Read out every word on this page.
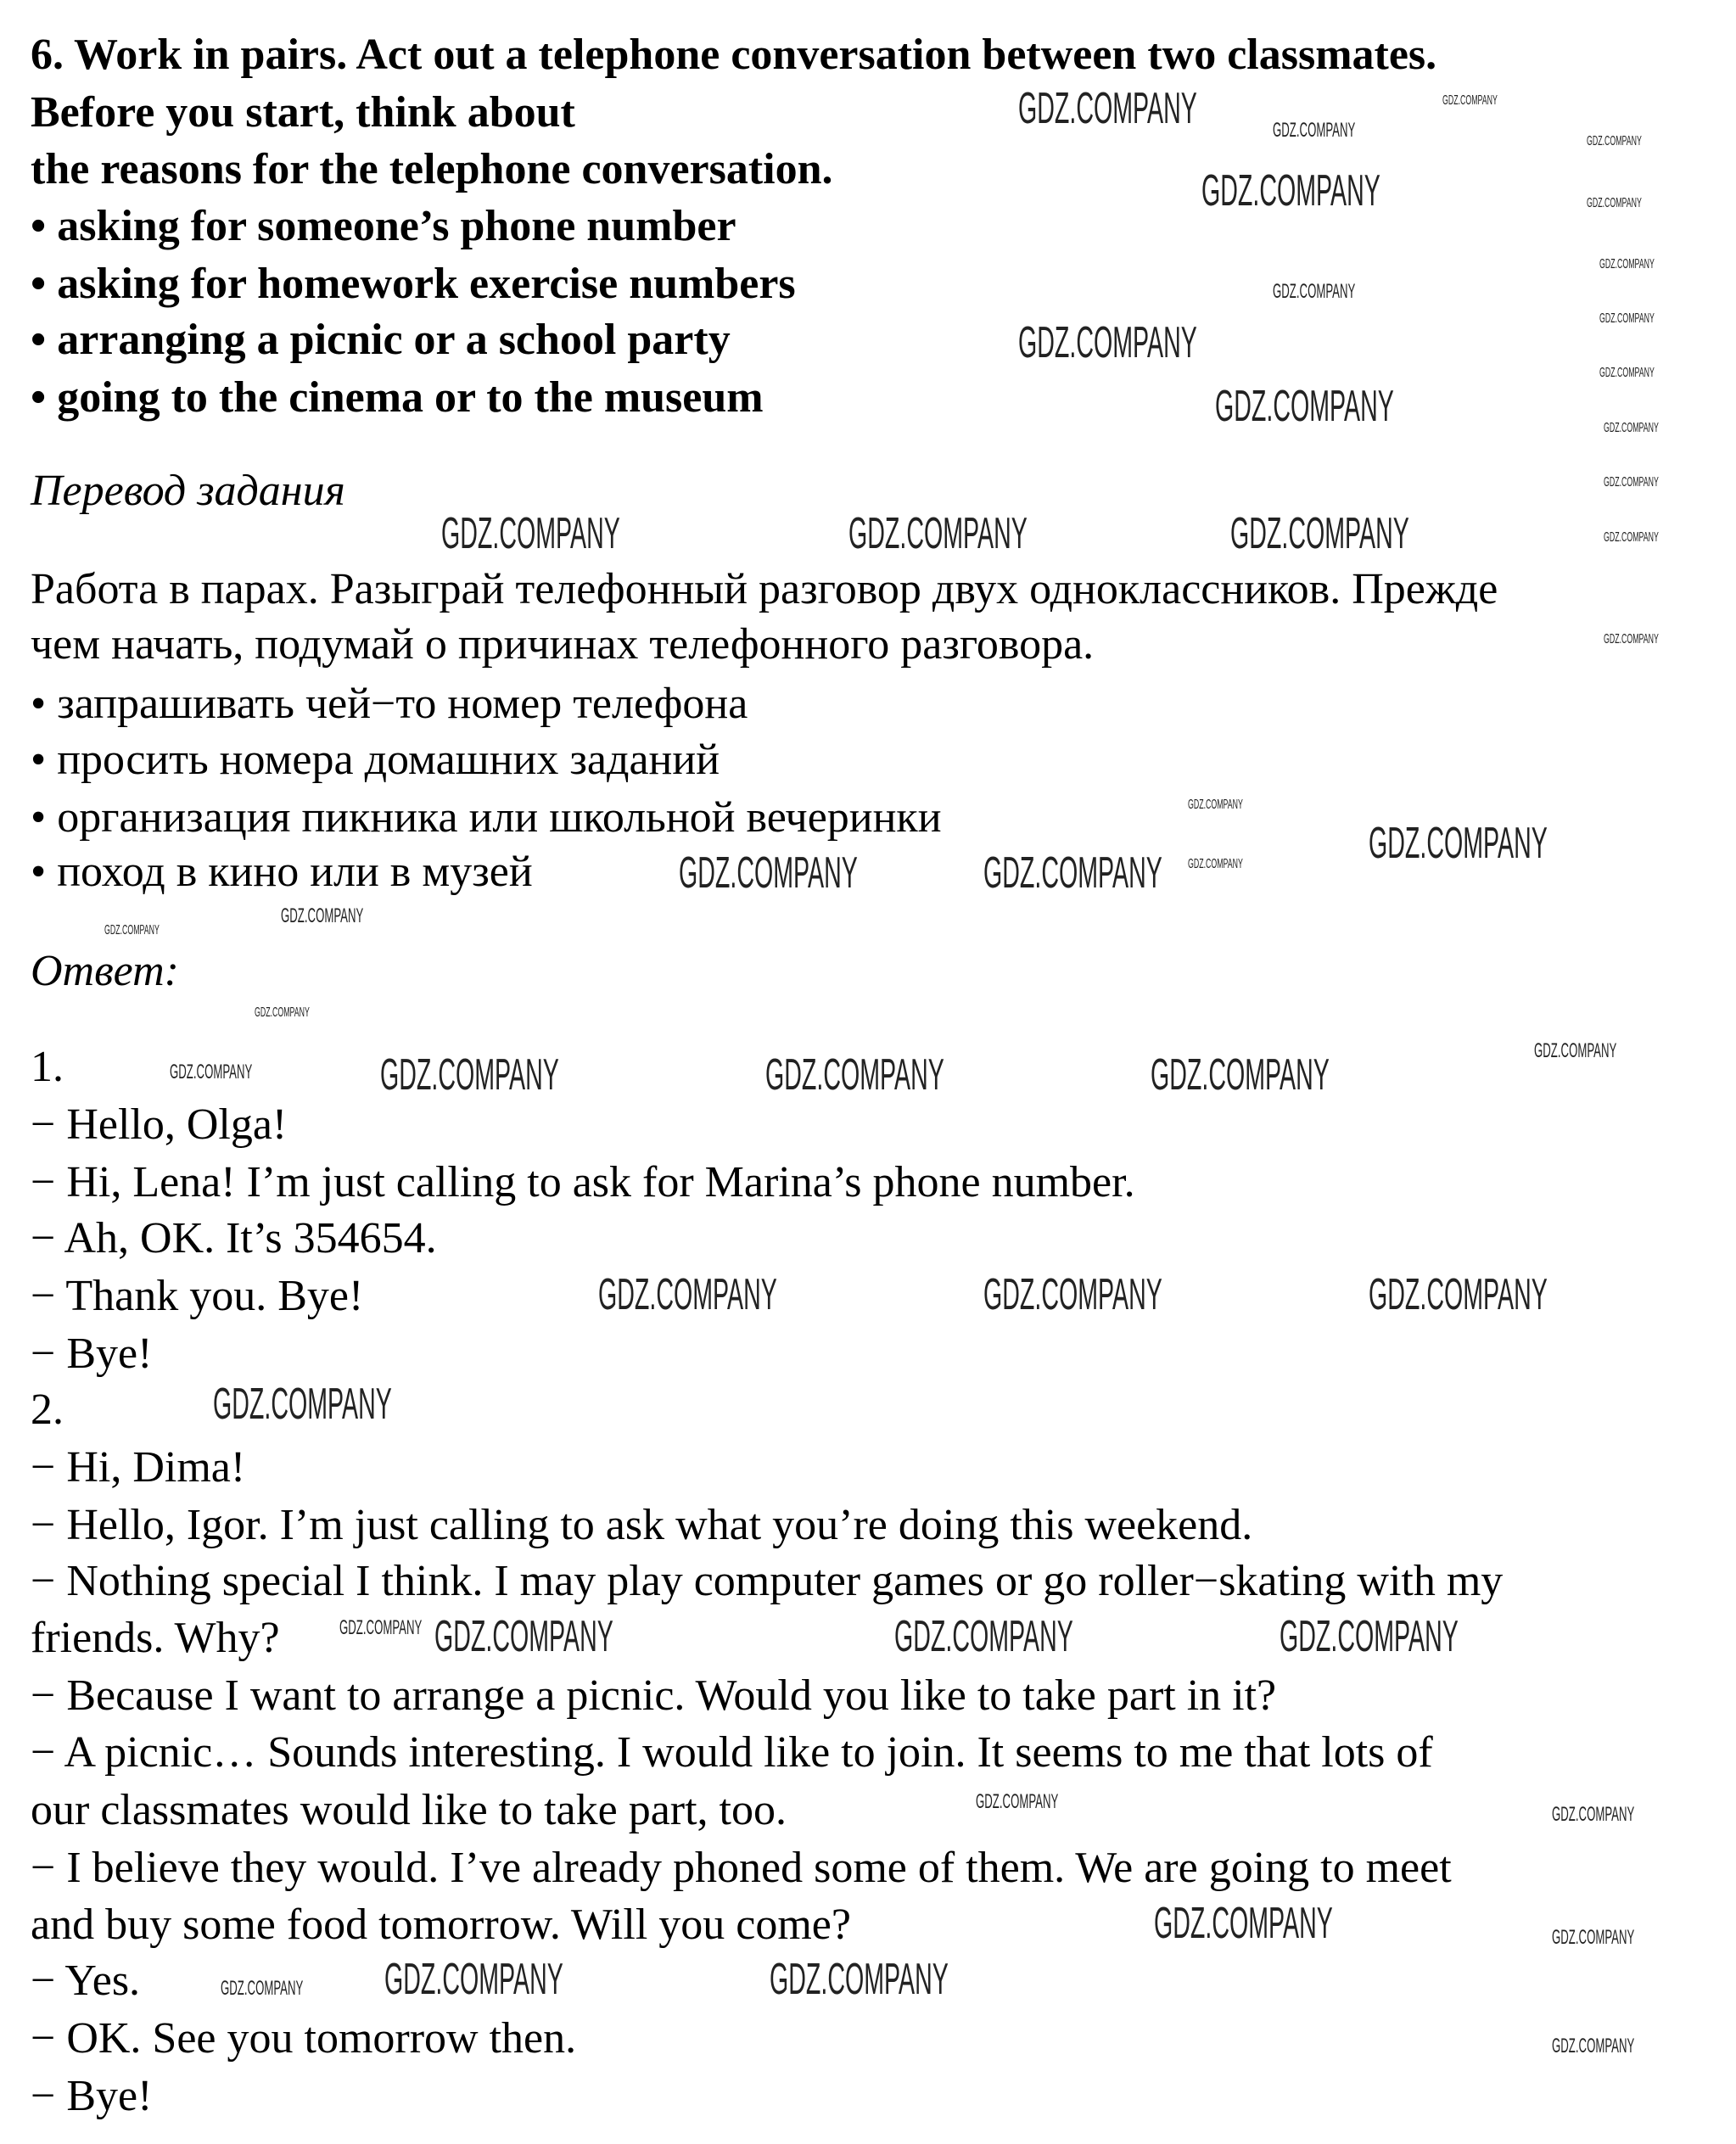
6. Work in pairs. Act out a telephone conversation between two classmates.
Before you start, think about
the reasons for the telephone conversation.
• asking for someone’s phone number
• asking for homework exercise numbers
• arranging a picnic or a school party
• going to the cinema or to the museum
Перевод задания
Работа в парах. Разыграй телефонный разговор двух одноклассников. Прежде
чем начать, подумай о причинах телефонного разговора.
• запрашивать чей−то номер телефона
• просить номера домашних заданий
• организация пикника или школьной вечеринки
• поход в кино или в музей
Ответ:
1.
− Hello, Olga!
− Hi, Lena! I’m just calling to ask for Marina’s phone number.
− Ah, OK. It’s 354654.
− Thank you. Bye!
− Bye!
2.
− Hi, Dima!
− Hello, Igor. I’m just calling to ask what you’re doing this weekend.
− Nothing special I think. I may play computer games or go roller−skating with my
friends. Why?
− Because I want to arrange a picnic. Would you like to take part in it?
− A picnic… Sounds interesting. I would like to join. It seems to me that lots of
our classmates would like to take part, too.
− I believe they would. I’ve already phoned some of them. We are going to meet
and buy some food tomorrow. Will you come?
− Yes.
− OK. See you tomorrow then.
− Bye!
GDZ.COMPANY
GDZ.COMPANY
GDZ.COMPANY
GDZ.COMPANY
GDZ.COMPANY	GDZ.COMPANY	GDZ.COMPANY
GDZ.COMPANY	GDZ.COMPANY
GDZ.COMPANY
GDZ.COMPANY	GDZ.COMPANY	GDZ.COMPANY
GDZ.COMPANY	GDZ.COMPANY	GDZ.COMPANY
GDZ.COMPANY
GDZ.COMPANY	GDZ.COMPANY	GDZ.COMPANY
GDZ.COMPANY
GDZ.COMPANY	GDZ.COMPANY
GDZ.COMPANY
GDZ.COMPANY
GDZ.COMPANY
GDZ.COMPANY
GDZ.COMPANY
GDZ.COMPANY
GDZ.COMPANY
GDZ.COMPANY
GDZ.COMPANY
GDZ.COMPANY
GDZ.COMPANY
GDZ.COMPANY
GDZ.COMPANY
GDZ.COMPANY
GDZ.COMPANY
GDZ.COMPANY
GDZ.COMPANY
GDZ.COMPANY
GDZ.COMPANY
GDZ.COMPANY
GDZ.COMPANY
GDZ.COMPANY
GDZ.COMPANY
GDZ.COMPANY
GDZ.COMPANY
